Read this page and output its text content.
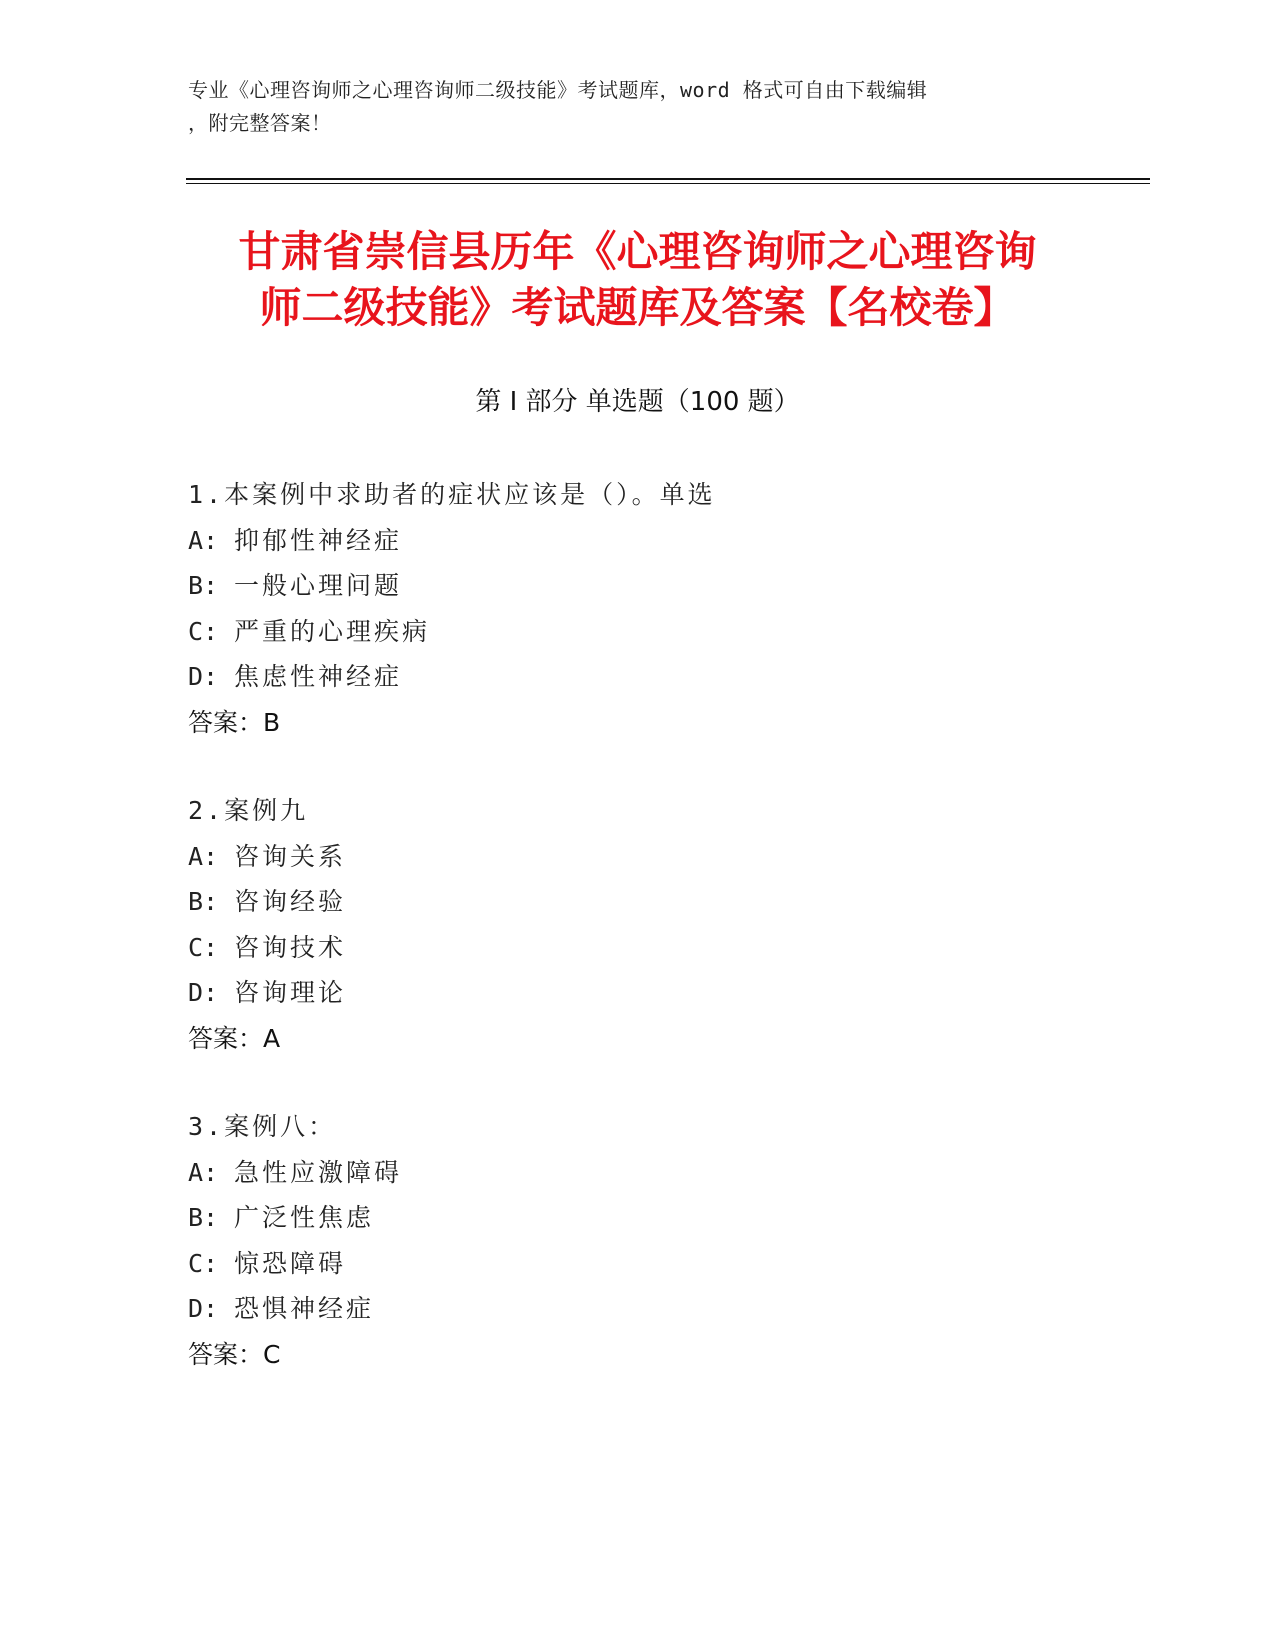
专业《心理咨询师之心理咨询师二级技能》考试题库，word 格式可自由下载编辑
，附完整答案！
甘肃省崇信县历年《心理咨询师之心理咨询
师二级技能》考试题库及答案【名校卷】
第 I 部分 单选题（100 题）
1.本案例中求助者的症状应该是（）。单选
A: 抑郁性神经症
B: 一般心理问题
C: 严重的心理疾病
D: 焦虑性神经症
答案：B
2.案例九
A: 咨询关系
B: 咨询经验
C: 咨询技术
D: 咨询理论
答案：A
3.案例八：
A: 急性应激障碍
B: 广泛性焦虑
C: 惊恐障碍
D: 恐惧神经症
答案：C
